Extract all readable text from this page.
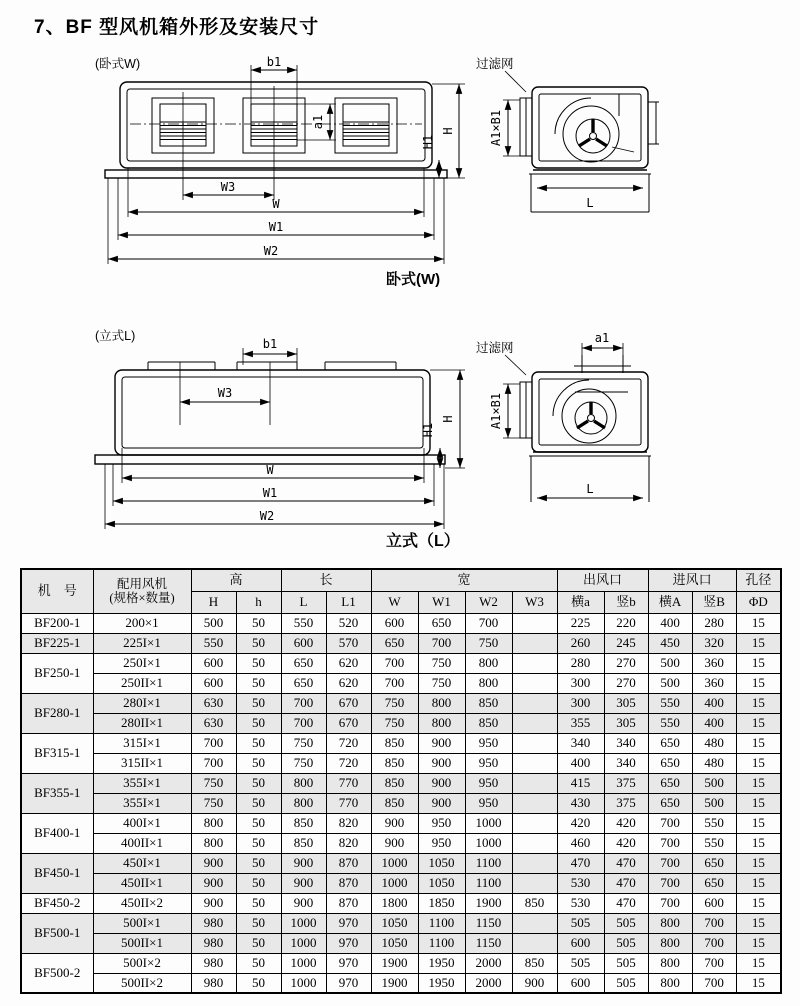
7、BF 型风机箱外形及安装尺寸
(卧式W)	b1
a1
H
H1
W3
W
W1
W2
卧式(W)
过滤网
A1×B1
L
(立式L)
b1
W3
H
H1
W
W1
W2
立式（L）
a1
过滤网
A1×B1
L
机　号	配用风机
(规格×数量)	高		长		宽				出风口		进风口		孔径
		H	h	L	L1	W	W1	W2	W3	横a	竖b	横A	竖B	ΦD
BF200-1	200×1	500	50	550	520	600	650	700		225	220	400	280	15
BF225-1	225I×1	550	50	600	570	650	700	750		260	245	450	320	15
BF250-1	250I×1	600	50	650	620	700	750	800		280	270	500	360	15
	250II×1	600	50	650	620	700	750	800		300	270	500	360	15
BF280-1	280I×1	630	50	700	670	750	800	850		300	305	550	400	15
	280II×1	630	50	700	670	750	800	850		355	305	550	400	15
BF315-1	315I×1	700	50	750	720	850	900	950		340	340	650	480	15
	315II×1	700	50	750	720	850	900	950		400	340	650	480	15
BF355-1	355I×1	750	50	800	770	850	900	950		415	375	650	500	15
	355I×1	750	50	800	770	850	900	950		430	375	650	500	15
BF400-1	400I×1	800	50	850	820	900	950	1000		420	420	700	550	15
	400II×1	800	50	850	820	900	950	1000		460	420	700	550	15
BF450-1	450I×1	900	50	900	870	1000	1050	1100		470	470	700	650	15
	450II×1	900	50	900	870	1000	1050	1100		530	470	700	650	15
BF450-2	450II×2	900	50	900	870	1800	1850	1900	850	530	470	700	600	15
BF500-1	500I×1	980	50	1000	970	1050	1100	1150		505	505	800	700	15
	500II×1	980	50	1000	970	1050	1100	1150		600	505	800	700	15
BF500-2	500I×2	980	50	1000	970	1900	1950	2000	850	505	505	800	700	15
	500II×2	980	50	1000	970	1900	1950	2000	900	600	505	800	700	15
